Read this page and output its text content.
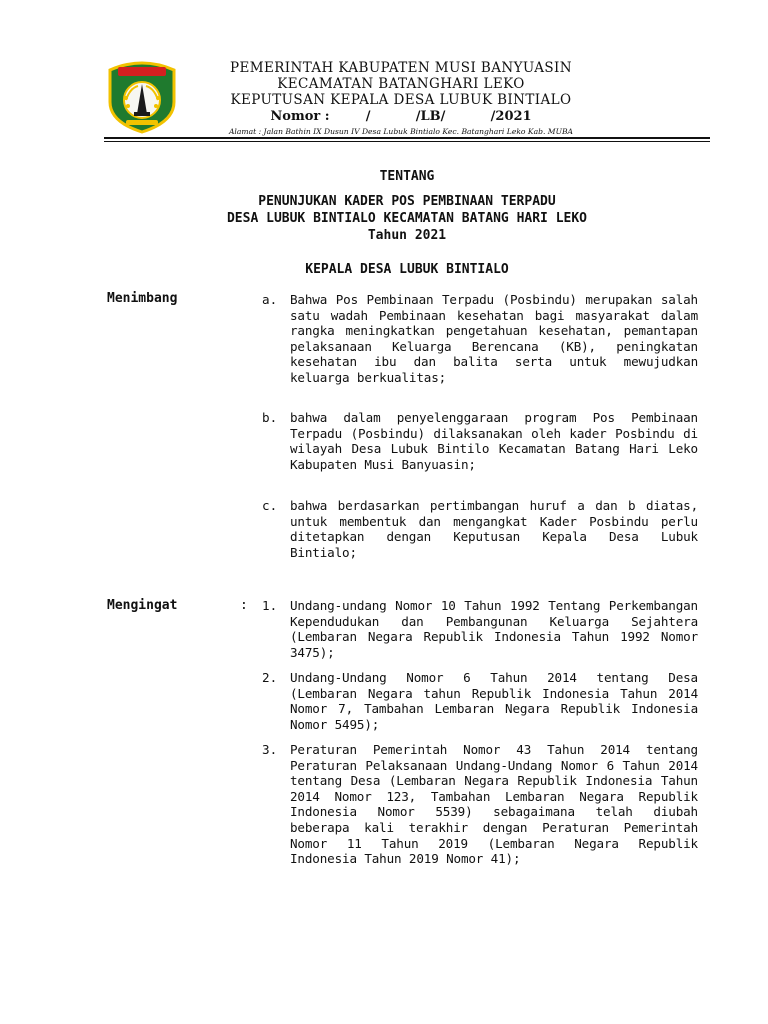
PEMERINTAH KABUPATEN MUSI BANYUASIN
KECAMATAN BATANGHARI LEKO
KEPUTUSAN KEPALA DESA LUBUK BINTIALO
Nomor :        /          /LB/          /2021
Alamat : Jalan Bathin IX Dusun IV Desa Lubuk Bintialo Kec. Batanghari Leko Kab. MUBA
TENTANG
PENUNJUKAN KADER POS PEMBINAAN TERPADU
DESA LUBUK BINTIALO KECAMATAN BATANG HARI LEKO
Tahun 2021
KEPALA DESA LUBUK BINTIALO
Menimbang	a.	Bahwa Pos Pembinaan Terpadu (Posbindu) merupakan salah satu wadah Pembinaan kesehatan bagi masyarakat dalam rangka meningkatkan pengetahuan kesehatan, pemantapan pelaksanaan Keluarga Berencana (KB), peningkatan kesehatan ibu dan balita serta untuk mewujudkan keluarga berkualitas;
b.	bahwa dalam penyelenggaraan program Pos Pembinaan Terpadu (Posbindu) dilaksanakan oleh kader Posbindu di wilayah Desa Lubuk Bintilo Kecamatan Batang Hari Leko Kabupaten Musi Banyuasin;
c.	bahwa berdasarkan pertimbangan huruf a dan b diatas, untuk membentuk dan mengangkat Kader Posbindu perlu ditetapkan dengan Keputusan Kepala Desa Lubuk Bintialo;
Mengingat	: 1.	Undang-undang Nomor 10 Tahun 1992 Tentang Perkembangan Kependudukan dan Pembangunan Keluarga Sejahtera (Lembaran Negara Republik Indonesia Tahun 1992 Nomor 3475);
2.	Undang-Undang Nomor 6 Tahun 2014 tentang Desa (Lembaran Negara tahun Republik Indonesia Tahun 2014 Nomor 7, Tambahan Lembaran Negara Republik Indonesia Nomor 5495);
3.	Peraturan Pemerintah Nomor 43 Tahun 2014 tentang Peraturan Pelaksanaan Undang-Undang Nomor 6 Tahun 2014 tentang Desa (Lembaran Negara Republik Indonesia Tahun 2014 Nomor 123, Tambahan Lembaran Negara Republik Indonesia Nomor 5539) sebagaimana telah diubah beberapa kali terakhir dengan Peraturan Pemerintah Nomor 11 Tahun 2019 (Lembaran Negara Republik Indonesia Tahun 2019 Nomor 41);
